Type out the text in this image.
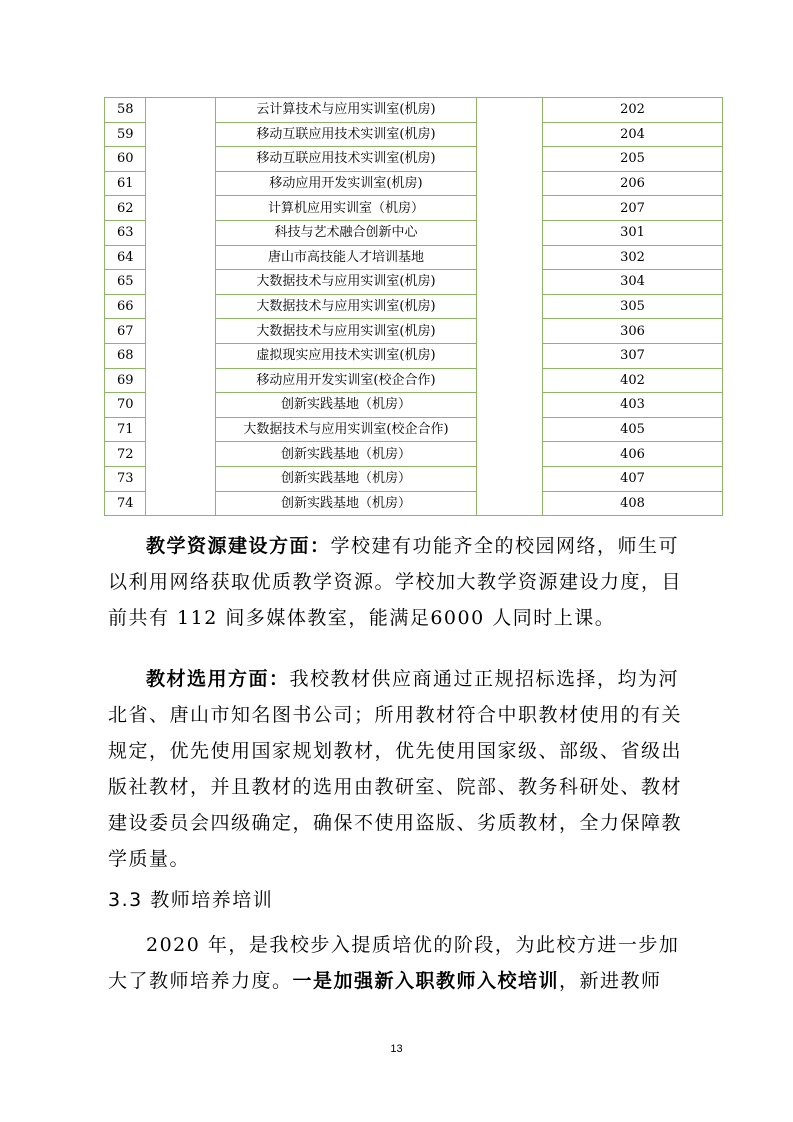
58		云计算技术与应用实训室(机房)		202
59		移动互联应用技术实训室(机房)		204
60		移动互联应用技术实训室(机房)		205
61		移动应用开发实训室(机房)		206
62		计算机应用实训室（机房）		207
63		科技与艺术融合创新中心		301
64		唐山市高技能人才培训基地		302
65		大数据技术与应用实训室(机房)		304
66		大数据技术与应用实训室(机房)		305
67		大数据技术与应用实训室(机房)		306
68		虚拟现实应用技术实训室(机房)		307
69		移动应用开发实训室(校企合作)		402
70		创新实践基地（机房）		403
71		大数据技术与应用实训室(校企合作)		405
72		创新实践基地（机房）		406
73		创新实践基地（机房）		407
74		创新实践基地（机房）		408

教学资源建设方面：学校建有功能齐全的校园网络，师生可以利用网络获取优质教学资源。学校加大教学资源建设力度，目前共有 112 间多媒体教室，能满足6000 人同时上课。

教材选用方面：我校教材供应商通过正规招标选择，均为河北省、唐山市知名图书公司；所用教材符合中职教材使用的有关规定，优先使用国家规划教材，优先使用国家级、部级、省级出版社教材，并且教材的选用由教研室、院部、教务科研处、教材建设委员会四级确定，确保不使用盗版、劣质教材，全力保障教学质量。

3.3 教师培养培训

2020 年，是我校步入提质培优的阶段，为此校方进一步加大了教师培养力度。一是加强新入职教师入校培训，新进教师

13
